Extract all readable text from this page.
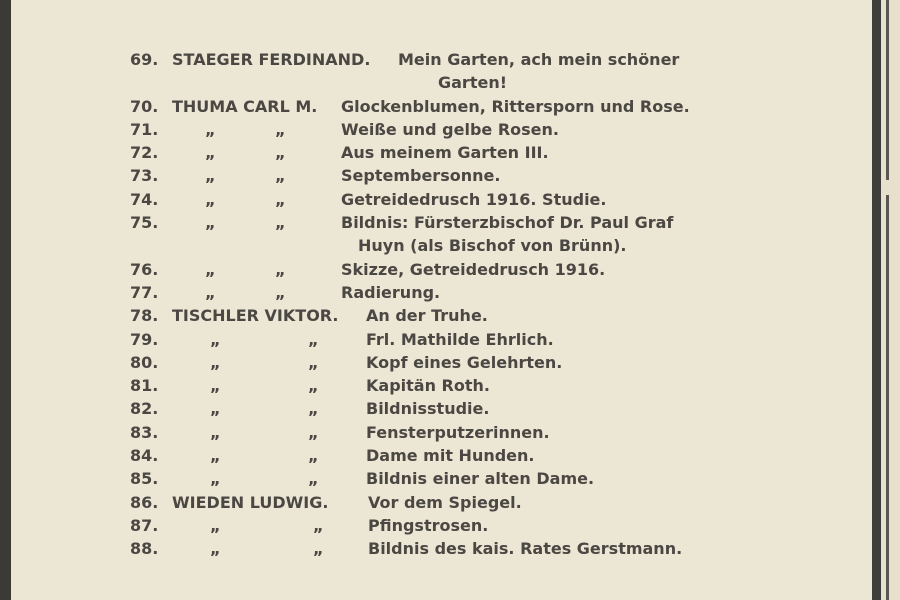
69. STAEGER FERDINAND. Mein Garten, ach mein schöner
Garten!
70. THUMA CARL M. Glockenblumen, Rittersporn und Rose.
71.	„	„	Weiße und gelbe Rosen.
72.	„	„	Aus meinem Garten III.
73.	„	„	Septembersonne.
74.	„	„	Getreidedrusch 1916. Studie.
75.	„	„	Bildnis: Fürsterzbischof Dr. Paul Graf
Huyn (als Bischof von Brünn).
76.	„	„	Skizze, Getreidedrusch 1916.
77.	„	„	Radierung.
78. TISCHLER VIKTOR. An der Truhe.
79.	„	„	Frl. Mathilde Ehrlich.
80.	„	„	Kopf eines Gelehrten.
81.	„	„	Kapitän Roth.
82.	„	„	Bildnisstudie.
83.	„	„	Fensterputzerinnen.
84.	„	„	Dame mit Hunden.
85.	„	„	Bildnis einer alten Dame.
86. WIEDEN LUDWIG. Vor dem Spiegel.
87.	„	„	Pfingstrosen.
88.	„	„	Bildnis des kais. Rates Gerstmann.
